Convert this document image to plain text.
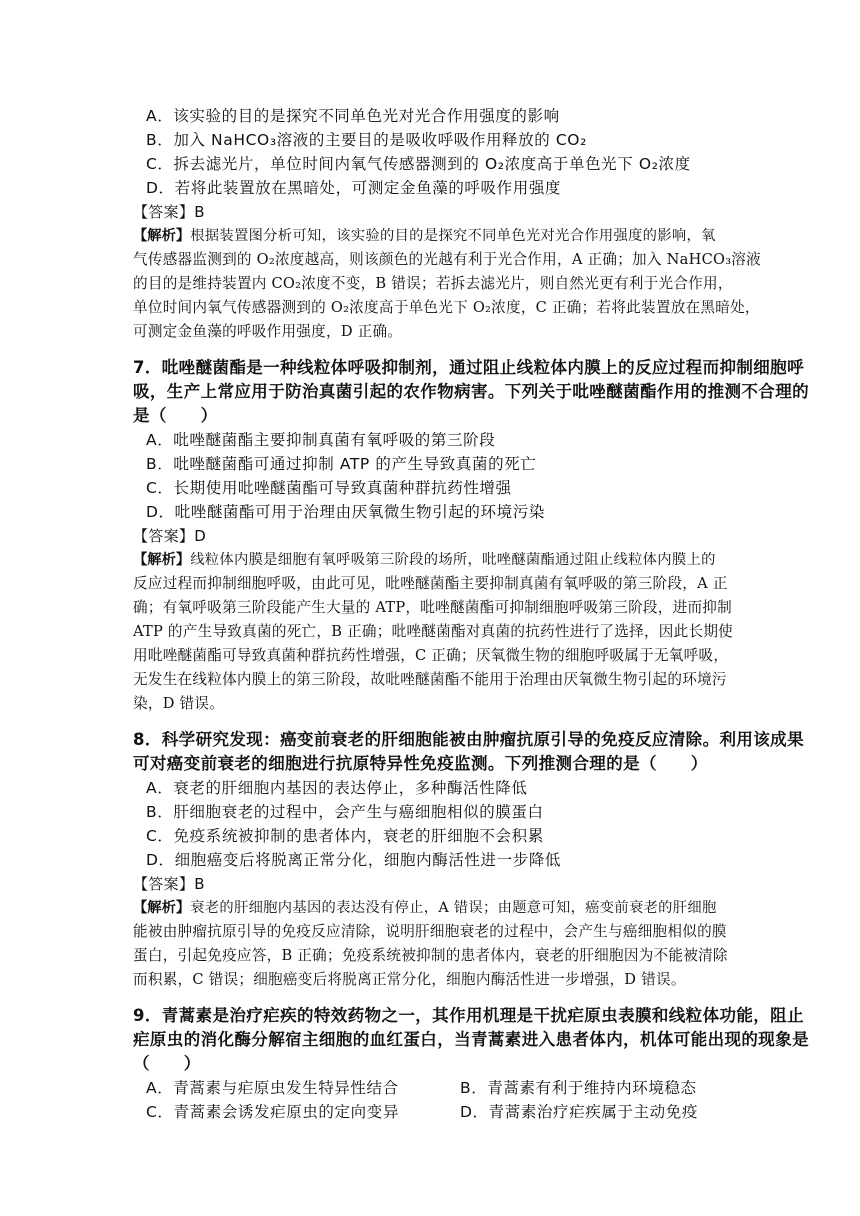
A．该实验的目的是探究不同单色光对光合作用强度的影响
B．加入 NaHCO₃溶液的主要目的是吸收呼吸作用释放的 CO₂
C．拆去滤光片，单位时间内氧气传感器测到的 O₂浓度高于单色光下 O₂浓度
D．若将此装置放在黑暗处，可测定金鱼藻的呼吸作用强度
【答案】B
【解析】根据装置图分析可知，该实验的目的是探究不同单色光对光合作用强度的影响，氧
气传感器监测到的 O₂浓度越高，则该颜色的光越有利于光合作用，A 正确；加入 NaHCO₃溶液
的目的是维持装置内 CO₂浓度不变，B 错误；若拆去滤光片，则自然光更有利于光合作用，
单位时间内氧气传感器测到的 O₂浓度高于单色光下 O₂浓度，C 正确；若将此装置放在黑暗处，
可测定金鱼藻的呼吸作用强度，D 正确。
7．吡唑醚菌酯是一种线粒体呼吸抑制剂，通过阻止线粒体内膜上的反应过程而抑制细胞呼
吸，生产上常应用于防治真菌引起的农作物病害。下列关于吡唑醚菌酯作用的推测不合理的
是（　　）
A．吡唑醚菌酯主要抑制真菌有氧呼吸的第三阶段
B．吡唑醚菌酯可通过抑制 ATP 的产生导致真菌的死亡
C．长期使用吡唑醚菌酯可导致真菌种群抗药性增强
D．吡唑醚菌酯可用于治理由厌氧微生物引起的环境污染
【答案】D
【解析】线粒体内膜是细胞有氧呼吸第三阶段的场所，吡唑醚菌酯通过阻止线粒体内膜上的
反应过程而抑制细胞呼吸，由此可见，吡唑醚菌酯主要抑制真菌有氧呼吸的第三阶段，A 正
确；有氧呼吸第三阶段能产生大量的 ATP，吡唑醚菌酯可抑制细胞呼吸第三阶段，进而抑制
ATP 的产生导致真菌的死亡，B 正确；吡唑醚菌酯对真菌的抗药性进行了选择，因此长期使
用吡唑醚菌酯可导致真菌种群抗药性增强，C 正确；厌氧微生物的细胞呼吸属于无氧呼吸，
无发生在线粒体内膜上的第三阶段，故吡唑醚菌酯不能用于治理由厌氧微生物引起的环境污
染，D 错误。
8．科学研究发现：癌变前衰老的肝细胞能被由肿瘤抗原引导的免疫反应清除。利用该成果
可对癌变前衰老的细胞进行抗原特异性免疫监测。下列推测合理的是（　　）
A．衰老的肝细胞内基因的表达停止，多种酶活性降低
B．肝细胞衰老的过程中，会产生与癌细胞相似的膜蛋白
C．免疫系统被抑制的患者体内，衰老的肝细胞不会积累
D．细胞癌变后将脱离正常分化，细胞内酶活性进一步降低
【答案】B
【解析】衰老的肝细胞内基因的表达没有停止，A 错误；由题意可知，癌变前衰老的肝细胞
能被由肿瘤抗原引导的免疫反应清除，说明肝细胞衰老的过程中，会产生与癌细胞相似的膜
蛋白，引起免疫应答，B 正确；免疫系统被抑制的患者体内，衰老的肝细胞因为不能被清除
而积累，C 错误；细胞癌变后将脱离正常分化，细胞内酶活性进一步增强，D 错误。
9．青蒿素是治疗疟疾的特效药物之一，其作用机理是干扰疟原虫表膜和线粒体功能，阻止
疟原虫的消化酶分解宿主细胞的血红蛋白，当青蒿素进入患者体内，机体可能出现的现象是
（　　）
A．青蒿素与疟原虫发生特异性结合	B．青蒿素有利于维持内环境稳态
C．青蒿素会诱发疟原虫的定向变异	D．青蒿素治疗疟疾属于主动免疫
